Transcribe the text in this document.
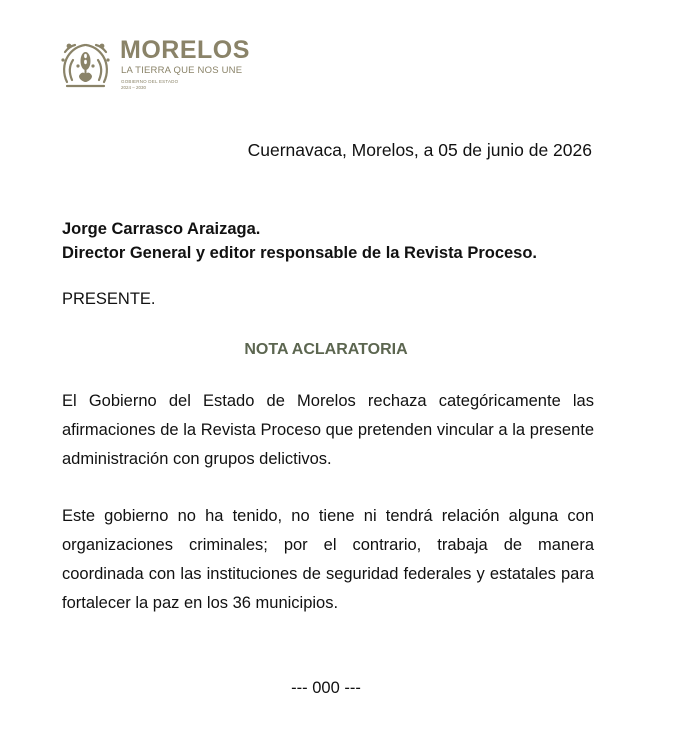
MORELOS
LA TIERRA QUE NOS UNE
GOBIERNO DEL ESTADO
2024 – 2030
Cuernavaca, Morelos, a 05 de junio de 2026
Jorge Carrasco Araizaga.
Director General y editor responsable de la Revista Proceso.
PRESENTE.
NOTA ACLARATORIA
El Gobierno del Estado de Morelos rechaza categóricamente las afirmaciones de la Revista Proceso que pretenden vincular a la presente administración con grupos delictivos.
Este gobierno no ha tenido, no tiene ni tendrá relación alguna con organizaciones criminales; por el contrario, trabaja de manera coordinada con las instituciones de seguridad federales y estatales para fortalecer la paz en los 36 municipios.
--- 000 ---
